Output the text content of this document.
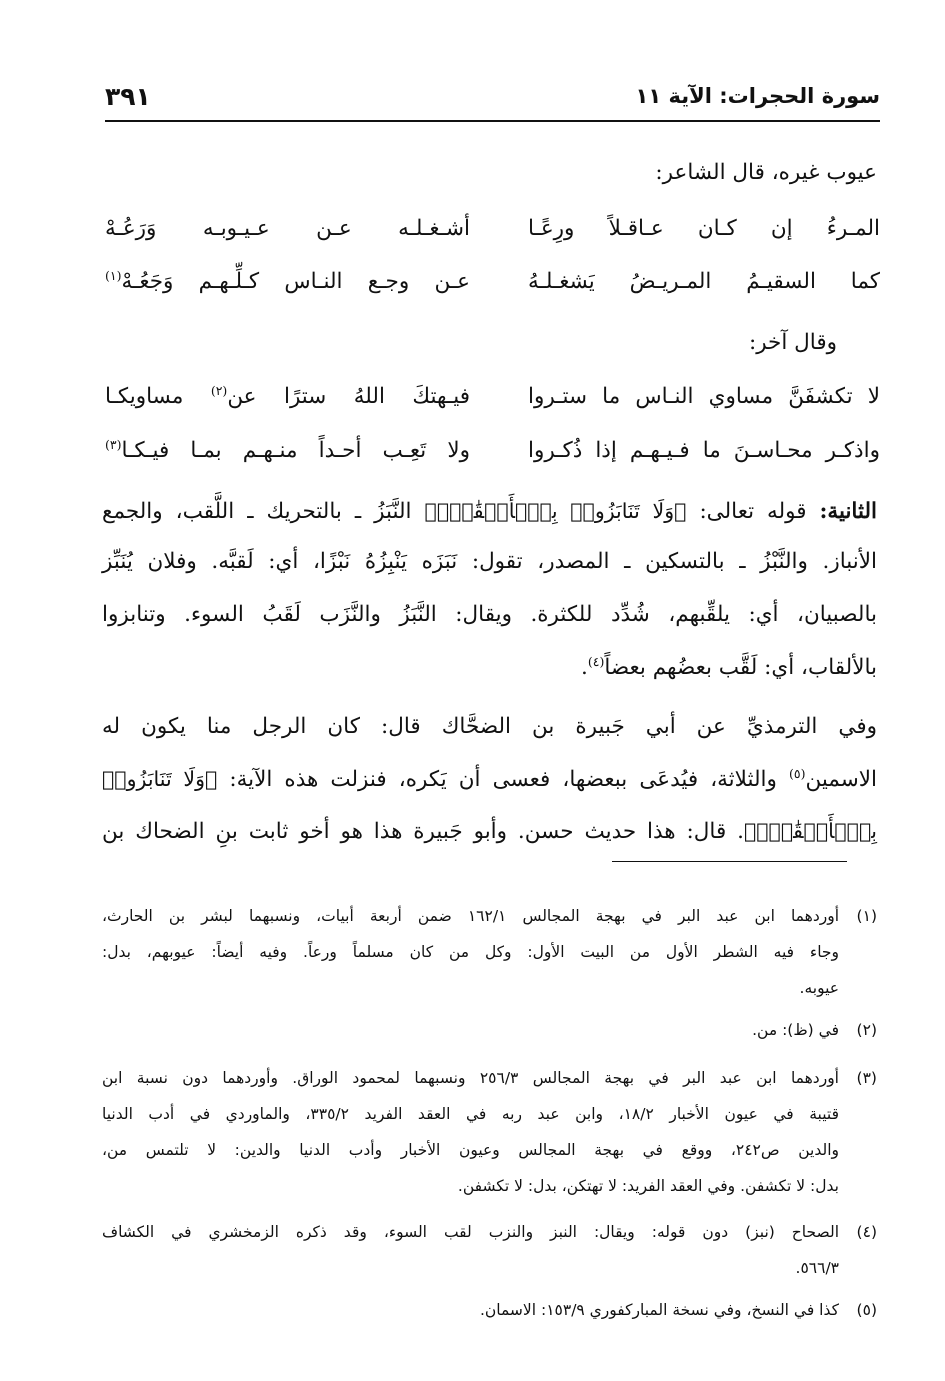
سورة الحجرات: الآية ١١
٣٩١
عيوب غيره، قال الشاعر:
المـرءُ إن كـان عـاقـلاً ورِعًـا
أشـغـلـه عـن عـيـوبـه وَرَعُـهْ
كما السقيـمُ المـريـضُ يَشغـلـهُ
عـن وجـع النـاس كـلِّـهـم وَجَعُـهْ$^{(١)}$
وقال آخر:
لا تكشفَنَّ مساوي النـاس ما ستـروا
فيـهتكَ اللهُ سترًا عن$^{(٢)}$ مساويكـا
واذكـر محـاسـنَ ما فـيـهـم إذا ذُكـروا
ولا تَعِـب أحـداً منـهـم بمـا فيـكـا$^{(٣)}$
الثانية: قوله تعالى: ﴿وَلَا تَنَابَزُوا۟ بِٱلۡأَلۡقَٰبِۖ﴾ النَّبَزُ ـ بالتحريك ـ اللَّقب، والجمع
الأنباز. والنَّبْزُ ـ بالتسكين ـ المصدر، تقول: نَبَزَه يَنْبِزُهُ نَبْزًا، أي: لَقبَّه. وفلان يُنَبِّز
بالصبيان، أي: يلقِّبهم، شُدِّد للكثرة. ويقال: النَّبَزُ والنَّزَب لَقَبُ السوء. وتنابزوا
بالألقاب، أي: لَقَّب بعضُهم بعضاً$^{(٤)}$.
وفي الترمذيِّ عن أبي جَبيرة بن الضحَّاك قال: كان الرجل منا يكون له
الاسمين$^{(٥)}$ والثلاثة، فيُدعَى ببعضها، فعسى أن يَكره، فنزلت هذه الآية: ﴿وَلَا تَنَابَزُوا۟
بِٱلۡأَلۡقَٰبِۖ﴾. قال: هذا حديث حسن. وأبو جَبيرة هذا هو أخو ثابت بنِ الضحاك بن
(١)أوردهما ابن عبد البر في بهجة المجالس ١٦٢/١ ضمن أربعة أبيات، ونسبهما لبشر بن الحارث،
وجاء فيه الشطر الأول من البيت الأول: وكل من كان مسلماً ورعاً. وفيه أيضاً: عيوبهم، بدل:
عيوبه.
(٢)في (ظ): من.
(٣)أوردهما ابن عبد البر في بهجة المجالس ٢٥٦/٣ ونسبهما لمحمود الوراق. وأوردهما دون نسبة ابن
قتيبة في عيون الأخبار ١٨/٢، وابن عبد ربه في العقد الفريد ٣٣٥/٢، والماوردي في أدب الدنيا
والدين ص٢٤٢، ووقع في بهجة المجالس وعيون الأخبار وأدب الدنيا والدين: لا تلتمس من،
بدل: لا تكشفن. وفي العقد الفريد: لا تهتكن، بدل: لا تكشفن.
(٤)الصحاح (نبز) دون قوله: ويقال: النبز والنزب لقب السوء، وقد ذكره الزمخشري في الكشاف
٥٦٦/٣.
(٥)كذا في النسخ، وفي نسخة المباركفوري ١٥٣/٩: الاسمان.
